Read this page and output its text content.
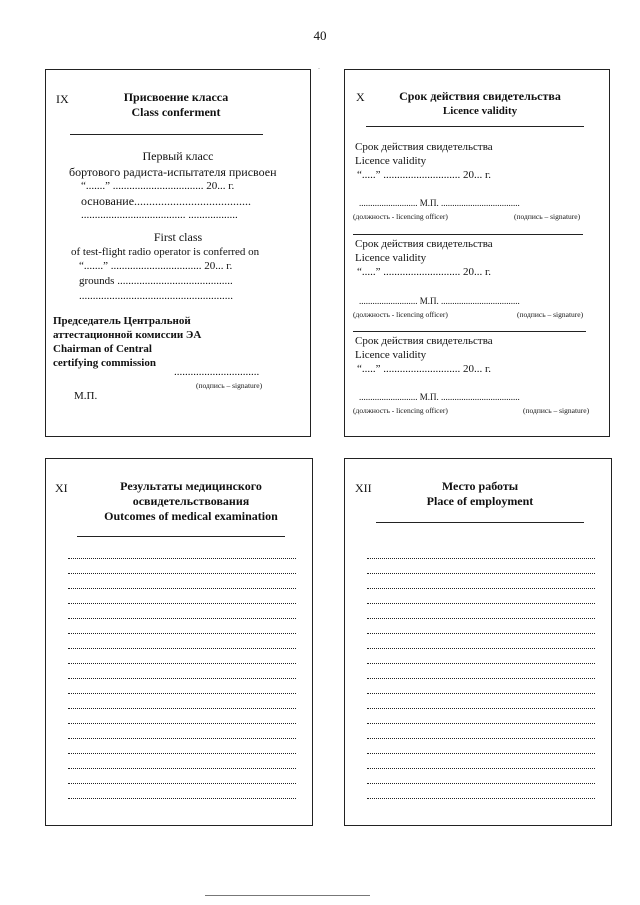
40
.
IX	Присвоение класса
Class conferment
Первый класс
бортового радиста-испытателя присвоен
“.......” ................................. 20... г.
основание.......................................
...................................... ..................
First class
of test-flight radio operator is conferred on
“.......” ................................. 20... г.
grounds ..........................................
........................................................
Председатель Центральной
аттестационной комиссии ЭА
Chairman of Central
certifying commission
...............................
(подпись – signature)
М.П.
X	Срок действия свидетельства
Licence validity
Срок действия свидетельства
Licence validity
“.....” ............................ 20... г.
.......................... М.П. ...................................
(должность - licencing officer)	(подпись – signature)
Срок действия свидетельства
Licence validity
“.....” ............................ 20... г.
.......................... М.П. ...................................
(должность - licencing officer)	(подпись – signature)
Срок действия свидетельства
Licence validity
“.....” ............................ 20... г.
.......................... М.П. ...................................
(должность - licencing officer)	(подпись – signature)
XI	Результаты медицинского
освидетельствования
Outcomes of medical examination
XII	Место работы
Place of employment
